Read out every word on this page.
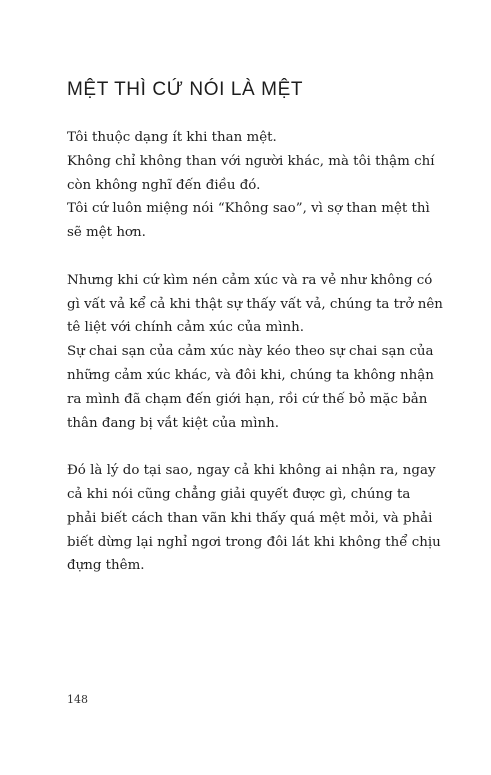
MỆT THÌ CỨ NÓI LÀ MỆT

Tôi thuộc dạng ít khi than mệt.
Không chỉ không than với người khác, mà tôi thậm chí
còn không nghĩ đến điều đó.
Tôi cứ luôn miệng nói “Không sao”, vì sợ than mệt thì
sẽ mệt hơn.

Nhưng khi cứ kìm nén cảm xúc và ra vẻ như không có
gì vất vả kể cả khi thật sự thấy vất vả, chúng ta trở nên
tê liệt với chính cảm xúc của mình.
Sự chai sạn của cảm xúc này kéo theo sự chai sạn của
những cảm xúc khác, và đôi khi, chúng ta không nhận
ra mình đã chạm đến giới hạn, rồi cứ thế bỏ mặc bản
thân đang bị vắt kiệt của mình.

Đó là lý do tại sao, ngay cả khi không ai nhận ra, ngay
cả khi nói cũng chẳng giải quyết được gì, chúng ta
phải biết cách than vãn khi thấy quá mệt mỏi, và phải
biết dừng lại nghỉ ngơi trong đôi lát khi không thể chịu
đựng thêm.

148
